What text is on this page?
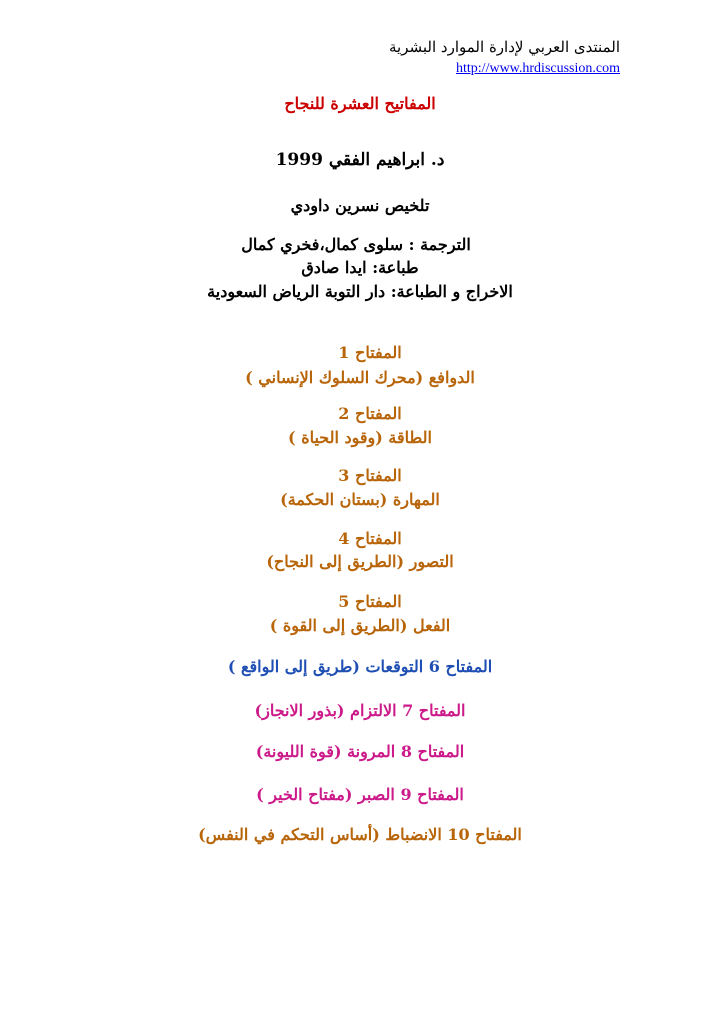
المنتدى العربي لإدارة الموارد البشرية
http://www.hrdiscussion.com
المفاتيح العشرة للنجاح
د. ابراهيم الفقي 1999
تلخيص نسرين داودي
الترجمة : سلوى كمال،فخري كمال
طباعة: ايدا صادق
الاخراج و الطباعة: دار التوبة الرياض السعودية
المفتاح 1
الدوافع (محرك السلوك الإنساني )
المفتاح 2
الطاقة (وقود الحياة )
المفتاح 3
المهارة (بستان الحكمة)
المفتاح 4
التصور (الطريق إلى النجاح)
المفتاح 5
الفعل (الطريق إلى القوة )
المفتاح 6 التوقعات (طريق إلى الواقع )
المفتاح 7 الالتزام (بذور الانجاز)
المفتاح 8 المرونة (قوة الليونة)
المفتاح 9 الصبر (مفتاح الخير )
المفتاح 10 الانضباط (أساس التحكم في النفس)
